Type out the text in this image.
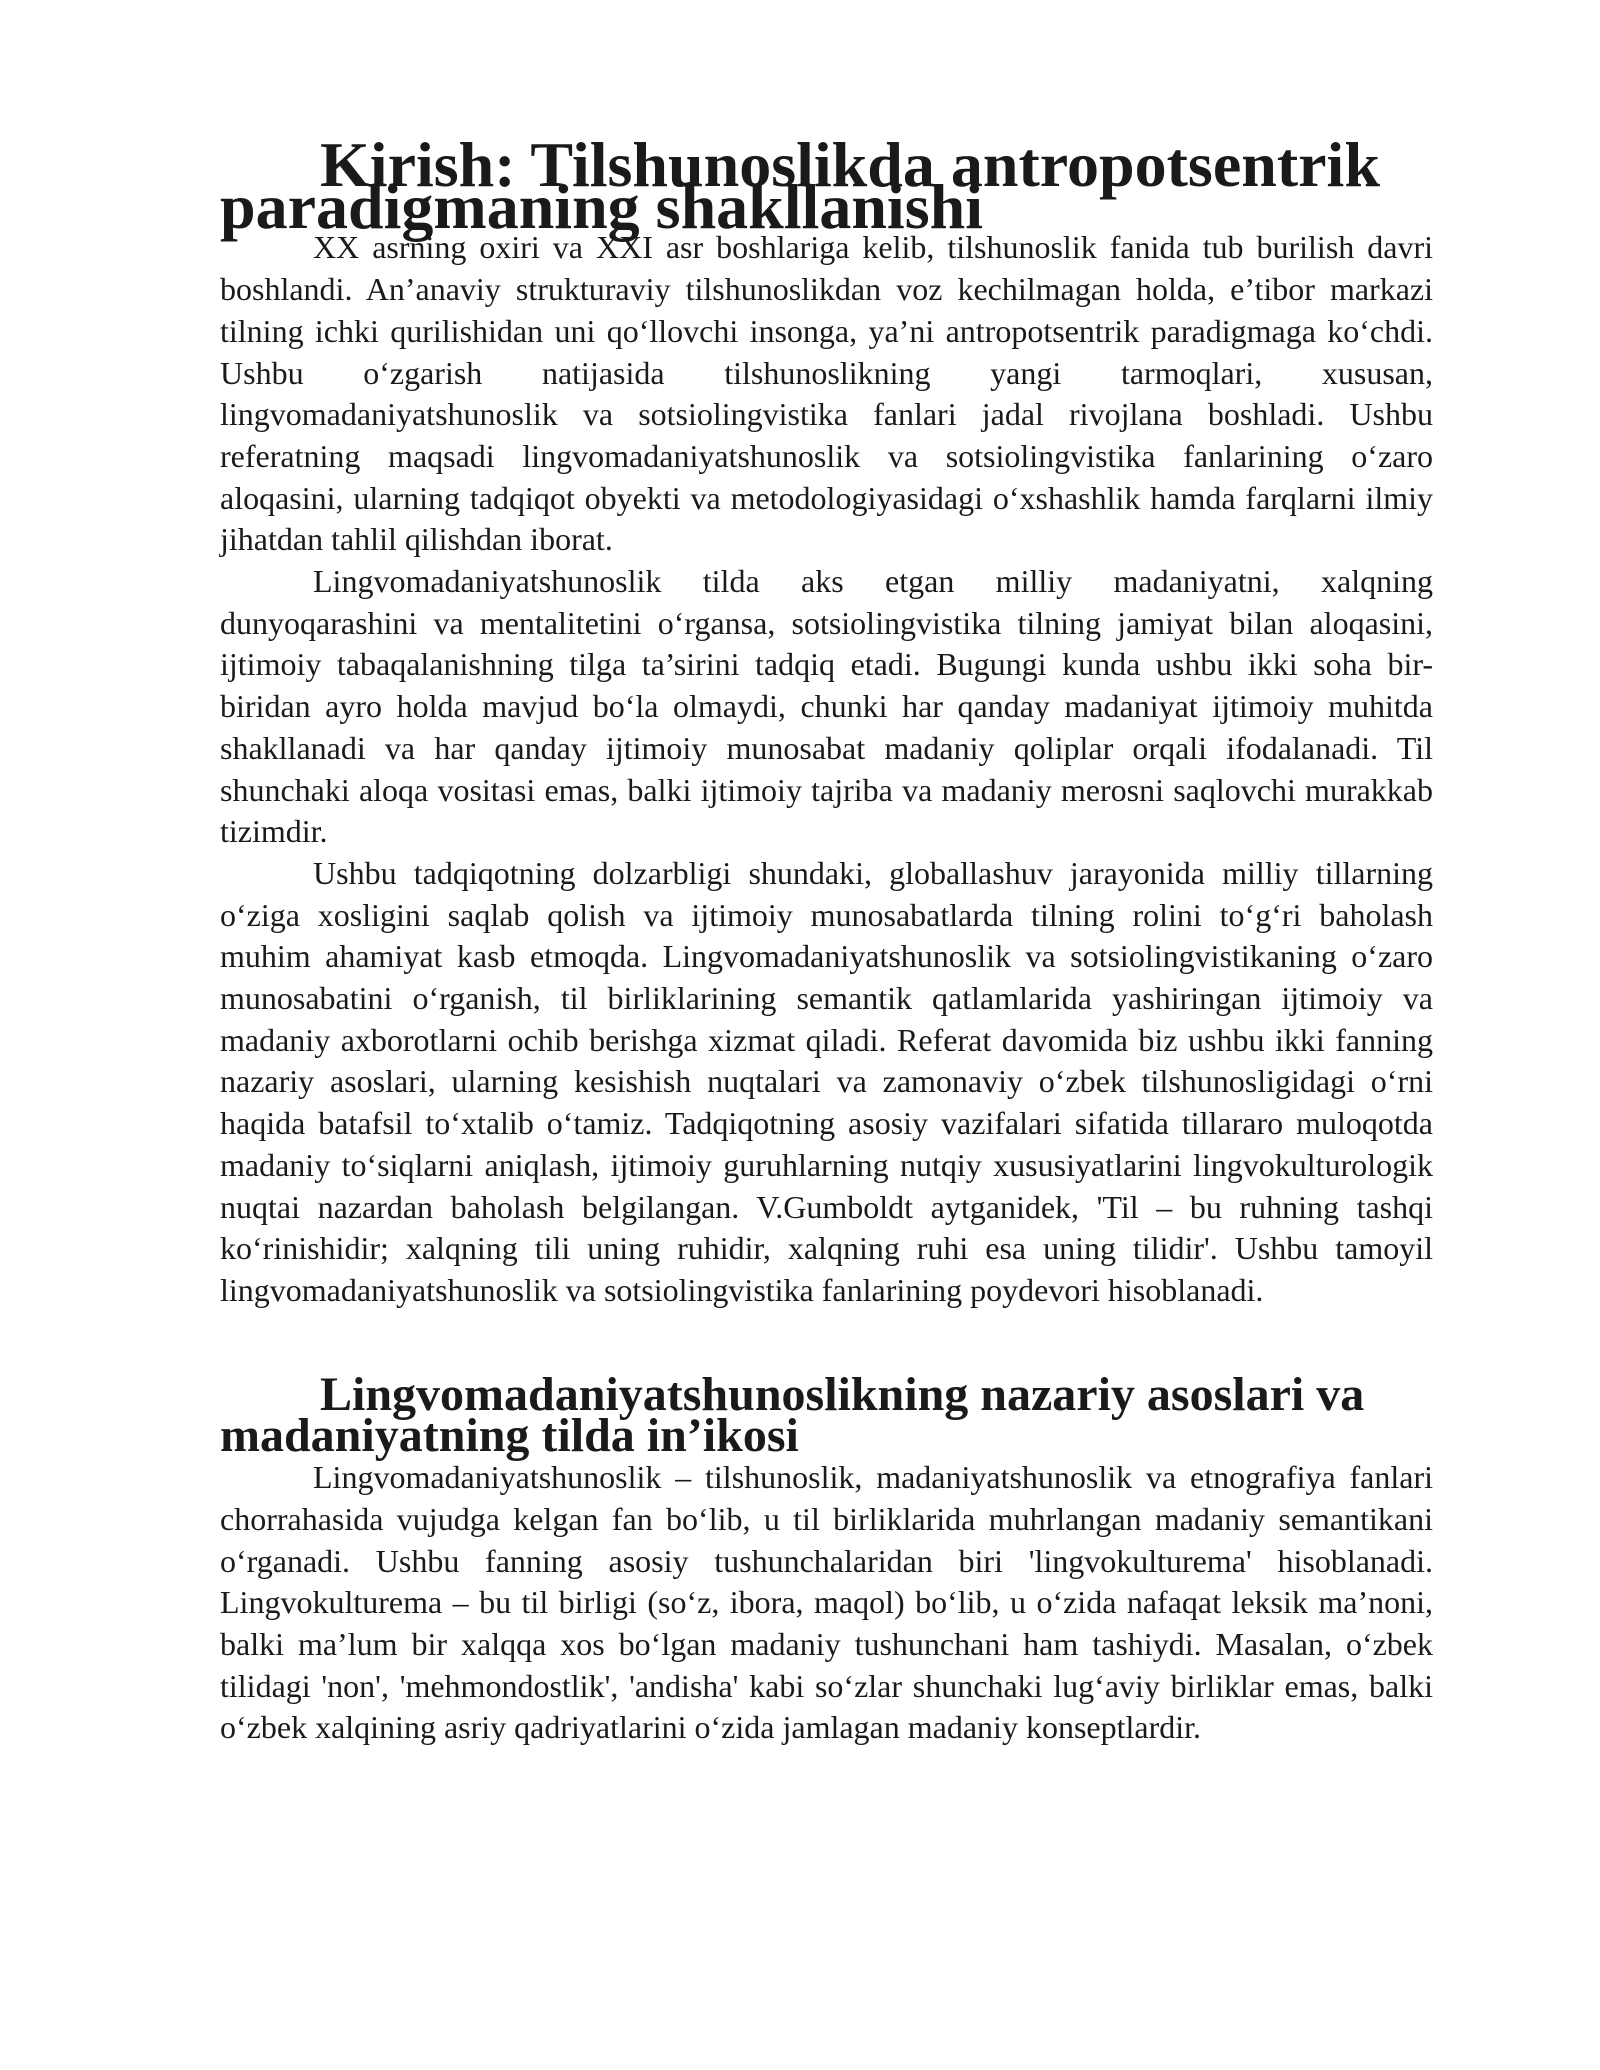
Kirish: Tilshunoslikda antropotsentrik paradigmaning shakllanishi

XX asrning oxiri va XXI asr boshlariga kelib, tilshunoslik fanida tub burilish davri boshlandi. An’anaviy strukturaviy tilshunoslikdan voz kechilmagan holda, e’tibor markazi tilning ichki qurilishidan uni qo‘llovchi insonga, ya’ni antropotsentrik paradigmaga ko‘chdi. Ushbu o‘zgarish natijasida tilshunoslikning yangi tarmoqlari, xususan, lingvomadaniyatshunoslik va sotsiolingvistika fanlari jadal rivojlana boshladi. Ushbu referatning maqsadi lingvomadaniyatshunoslik va sotsiolingvistika fanlarining o‘zaro aloqasini, ularning tadqiqot obyekti va metodologiyasidagi o‘xshashlik hamda farqlarni ilmiy jihatdan tahlil qilishdan iborat.

Lingvomadaniyatshunoslik tilda aks etgan milliy madaniyatni, xalqning dunyoqarashini va mentalitetini o‘rgansa, sotsiolingvistika tilning jamiyat bilan aloqasini, ijtimoiy tabaqalanishning tilga ta’sirini tadqiq etadi. Bugungi kunda ushbu ikki soha bir-biridan ayro holda mavjud bo‘la olmaydi, chunki har qanday madaniyat ijtimoiy muhitda shakllanadi va har qanday ijtimoiy munosabat madaniy qoliplar orqali ifodalanadi. Til shunchaki aloqa vositasi emas, balki ijtimoiy tajriba va madaniy merosni saqlovchi murakkab tizimdir.

Ushbu tadqiqotning dolzarbligi shundaki, globallashuv jarayonida milliy tillarning o‘ziga xosligini saqlab qolish va ijtimoiy munosabatlarda tilning rolini to‘g‘ri baholash muhim ahamiyat kasb etmoqda. Lingvomadaniyatshunoslik va sotsiolingvistikaning o‘zaro munosabatini o‘rganish, til birliklarining semantik qatlamlarida yashiringan ijtimoiy va madaniy axborotlarni ochib berishga xizmat qiladi. Referat davomida biz ushbu ikki fanning nazariy asoslari, ularning kesishish nuqtalari va zamonaviy o‘zbek tilshunosligidagi o‘rni haqida batafsil to‘xtalib o‘tamiz. Tadqiqotning asosiy vazifalari sifatida tillararo muloqotda madaniy to‘siqlarni aniqlash, ijtimoiy guruhlarning nutqiy xususiyatlarini lingvokulturologik nuqtai nazardan baholash belgilangan. V.Gumboldt aytganidek, 'Til – bu ruhning tashqi ko‘rinishidir; xalqning tili uning ruhidir, xalqning ruhi esa uning tilidir'. Ushbu tamoyil lingvomadaniyatshunoslik va sotsiolingvistika fanlarining poydevori hisoblanadi.

Lingvomadaniyatshunoslikning nazariy asoslari va madaniyatning tilda in’ikosi

Lingvomadaniyatshunoslik – tilshunoslik, madaniyatshunoslik va etnografiya fanlari chorrahasida vujudga kelgan fan bo‘lib, u til birliklarida muhrlangan madaniy semantikani o‘rganadi. Ushbu fanning asosiy tushunchalaridan biri 'lingvokulturema' hisoblanadi. Lingvokulturema – bu til birligi (so‘z, ibora, maqol) bo‘lib, u o‘zida nafaqat leksik ma’noni, balki ma’lum bir xalqqa xos bo‘lgan madaniy tushunchani ham tashiydi. Masalan, o‘zbek tilidagi 'non', 'mehmondostlik', 'andisha' kabi so‘zlar shunchaki lug‘aviy birliklar emas, balki o‘zbek xalqining asriy qadriyatlarini o‘zida jamlagan madaniy konseptlardir.
